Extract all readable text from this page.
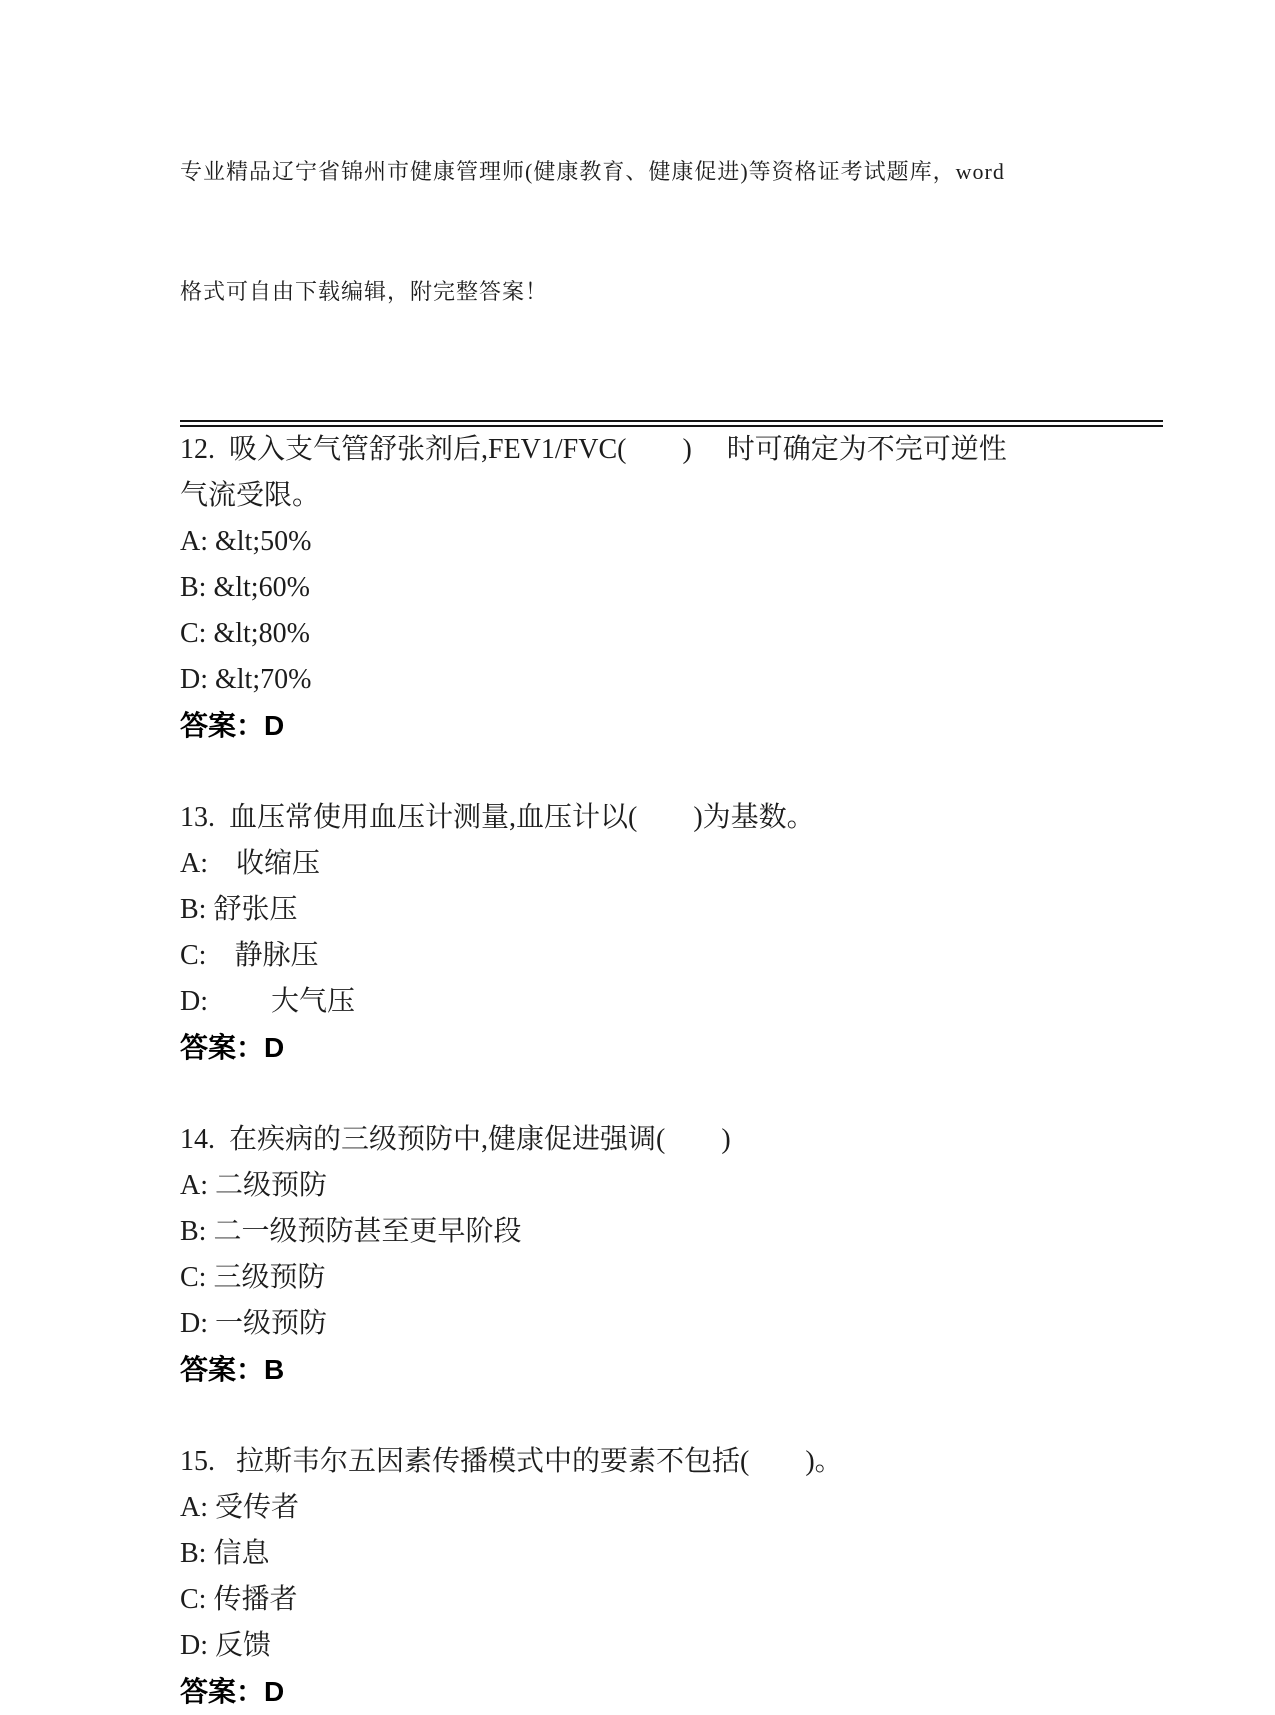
专业精品辽宁省锦州市健康管理师(健康教育、健康促进)等资格证考试题库，word

格式可自由下载编辑，附完整答案！

12.  吸入支气管舒张剂后,FEV1/FVC(　　)　 时可确定为不完可逆性

气流受限。

A: &lt;50%

B: &lt;60%

C: &lt;80%

D: &lt;70%

答案：D

13.  血压常使用血压计测量,血压计以(　　)为基数。

A:　收缩压

B: 舒张压

C:　静脉压

D:　　 大气压

答案：D

14.  在疾病的三级预防中,健康促进强调(　　)

A: 二级预防

B: 二一级预防甚至更早阶段

C: 三级预防

D: 一级预防

答案：B

15.   拉斯韦尔五因素传播模式中的要素不包括(　　)。

A: 受传者

B: 信息

C: 传播者

D: 反馈

答案：D
